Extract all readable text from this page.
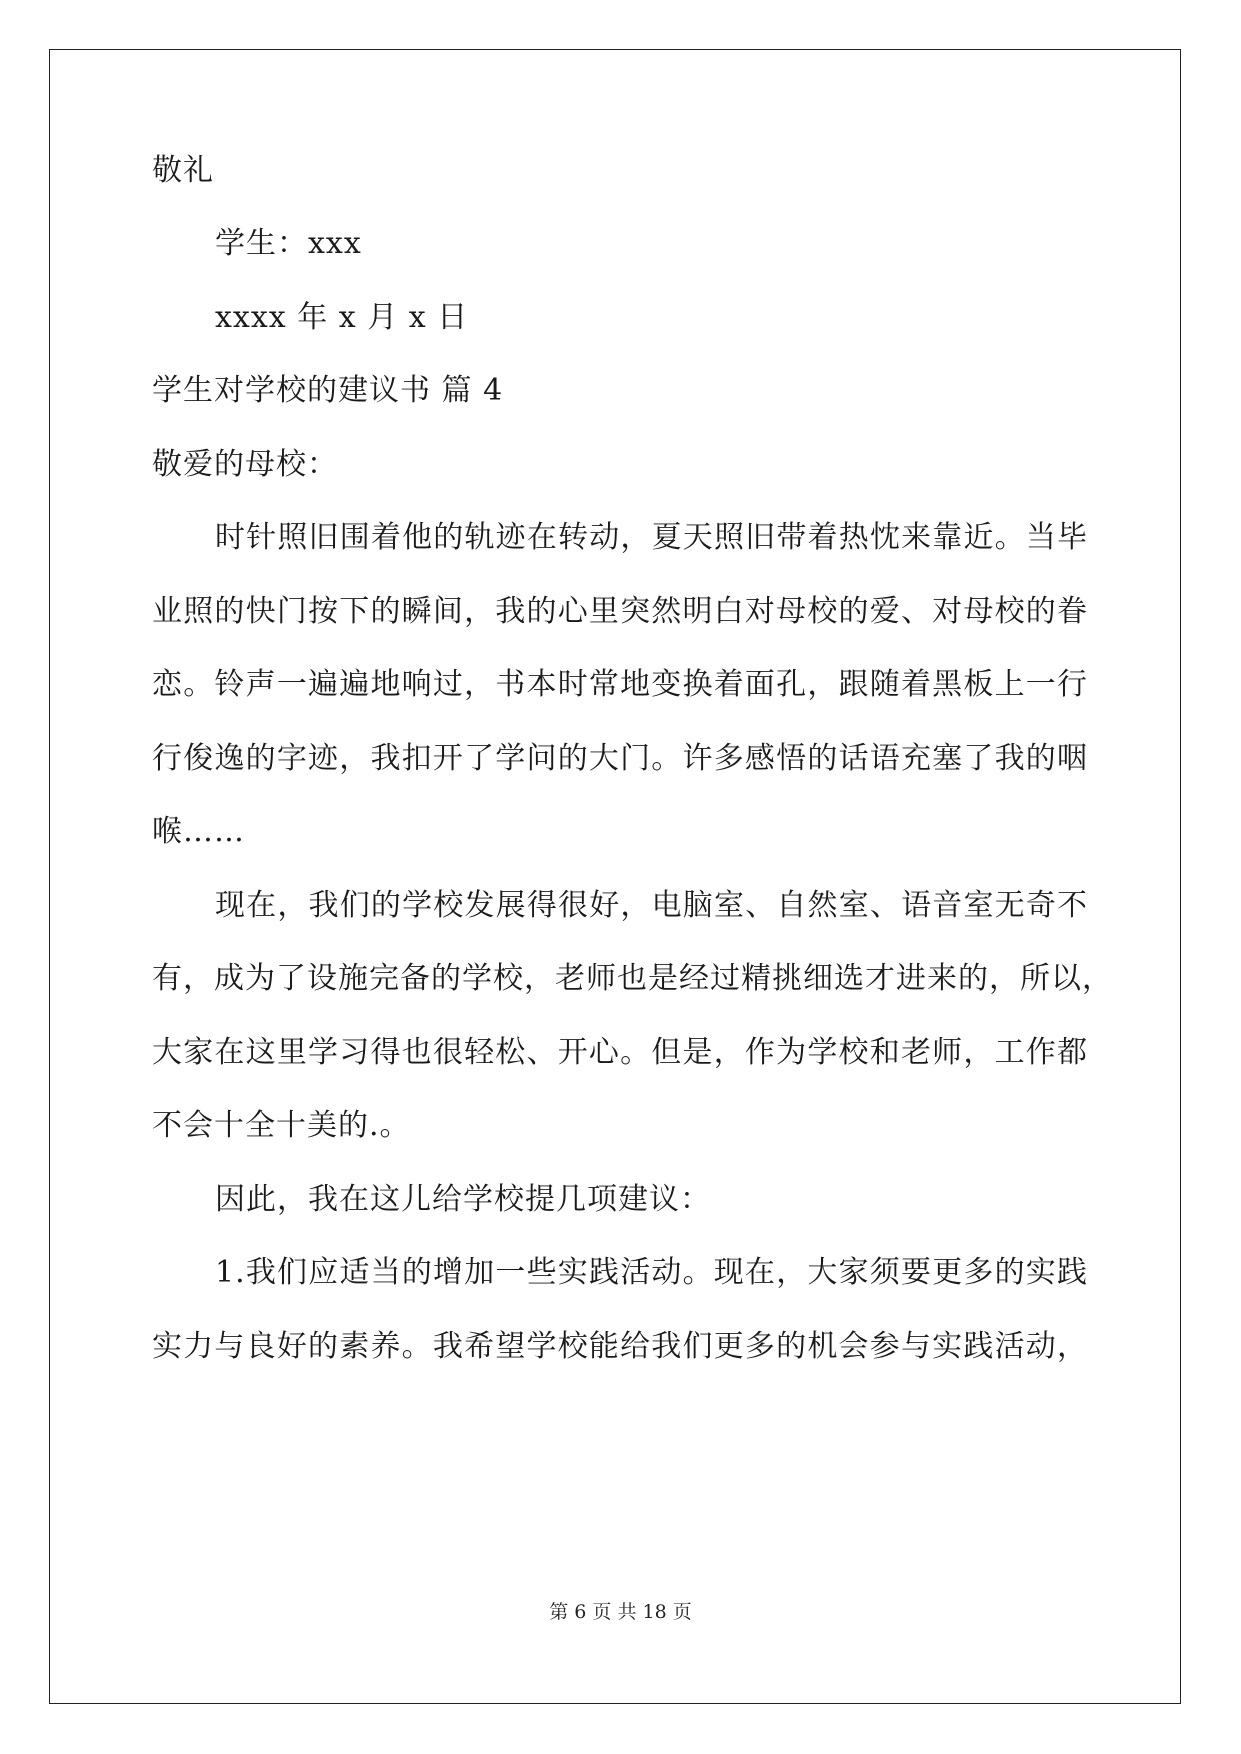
敬礼
学生：xxx
xxxx 年 x 月 x 日
学生对学校的建议书 篇 4
敬爱的母校：
时针照旧围着他的轨迹在转动，夏天照旧带着热忱来靠近。当毕
业照的快门按下的瞬间，我的心里突然明白对母校的爱、对母校的眷
恋。铃声一遍遍地响过，书本时常地变换着面孔，跟随着黑板上一行
行俊逸的字迹，我扣开了学问的大门。许多感悟的话语充塞了我的咽
喉……
现在，我们的学校发展得很好，电脑室、自然室、语音室无奇不
有，成为了设施完备的学校，老师也是经过精挑细选才进来的，所以，
大家在这里学习得也很轻松、开心。但是，作为学校和老师，工作都
不会十全十美的.。
因此，我在这儿给学校提几项建议：
1.我们应适当的增加一些实践活动。现在，大家须要更多的实践
实力与良好的素养。我希望学校能给我们更多的机会参与实践活动，
第 6 页 共 18 页
